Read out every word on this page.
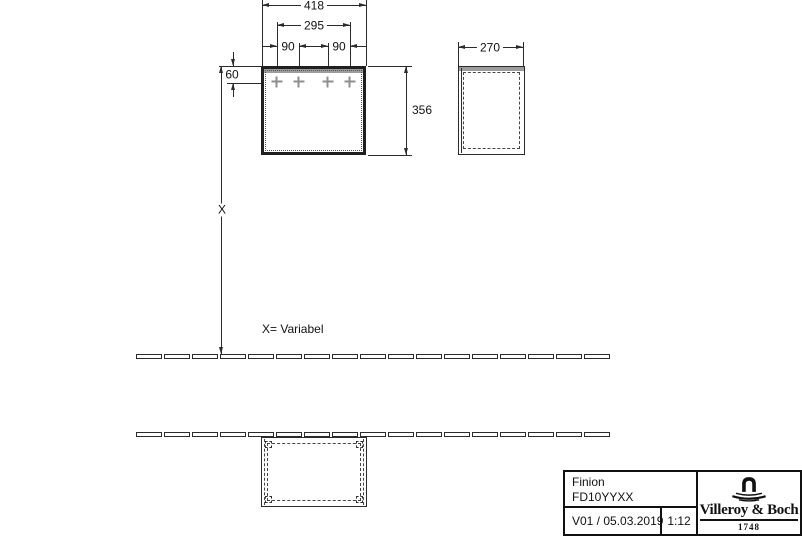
418
295
90	90
60
356
270
X
X= Variabel
Finion
FD10YYXX
V01 / 05.03.2019 1:12
Villeroy & Boch
1748
